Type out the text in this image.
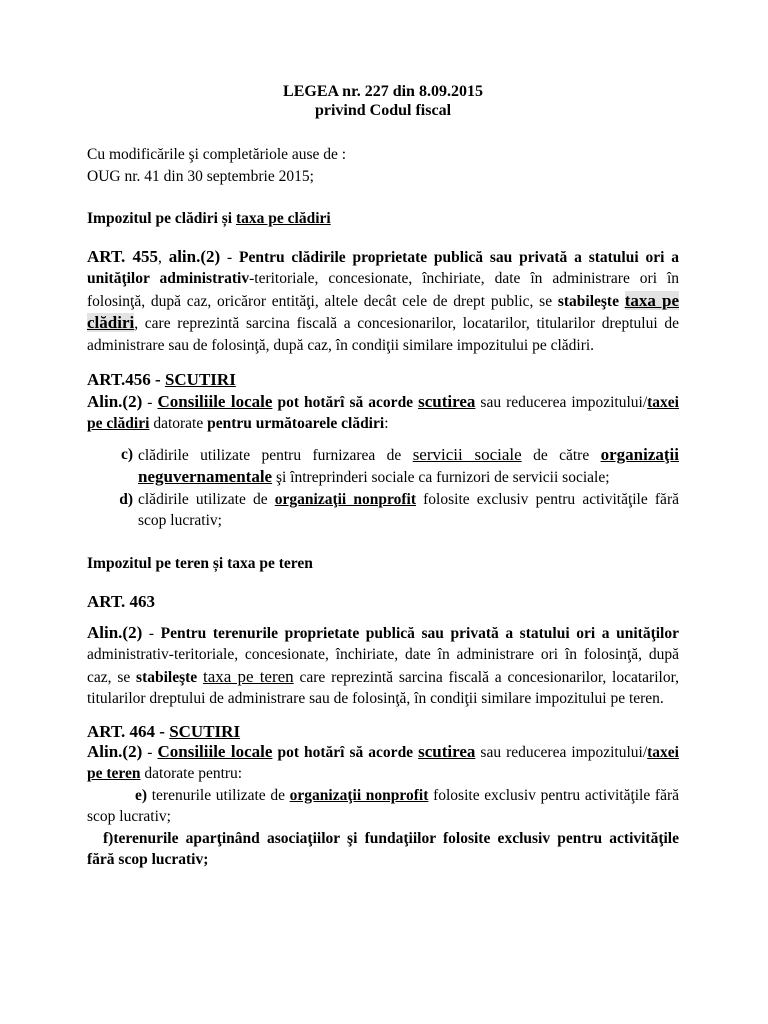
LEGEA nr. 227 din 8.09.2015
privind Codul fiscal
Cu modificările şi completăriole ause de :
OUG nr. 41 din 30 septembrie 2015;
Impozitul pe clădiri și taxa pe clădiri
ART. 455, alin.(2) - Pentru clădirile proprietate publică sau privată a statului ori a unităţilor administrativ-teritoriale, concesionate, închiriate, date în administrare ori în folosinţă, după caz, oricăror entităţi, altele decât cele de drept public, se stabileşte taxa pe clădiri, care reprezintă sarcina fiscală a concesionarilor, locatarilor, titularilor dreptului de administrare sau de folosinţă, după caz, în condiţii similare impozitului pe clădiri.
ART.456 - SCUTIRI
Alin.(2) - Consiliile locale pot hotărî să acorde scutirea sau reducerea impozitului/taxei pe clădiri datorate pentru următoarele clădiri:
c) clădirile utilizate pentru furnizarea de servicii sociale de către organizaţii neguvernamentale şi întreprinderi sociale ca furnizori de servicii sociale;
d) clădirile utilizate de organizaţii nonprofit folosite exclusiv pentru activităţile fără scop lucrativ;
Impozitul pe teren și taxa pe teren
ART. 463
Alin.(2) - Pentru terenurile proprietate publică sau privată a statului ori a unităţilor administrativ-teritoriale, concesionate, închiriate, date în administrare ori în folosinţă, după caz, se stabileşte taxa pe teren care reprezintă sarcina fiscală a concesionarilor, locatarilor, titularilor dreptului de administrare sau de folosinţă, în condiţii similare impozitului pe teren.
ART. 464 - SCUTIRI
Alin.(2) - Consiliile locale pot hotărî să acorde scutirea sau reducerea impozitului/taxei pe teren datorate pentru:
e) terenurile utilizate de organizaţii nonprofit folosite exclusiv pentru activităţile fără scop lucrativ;
f)terenurile aparţinând asociaţiilor şi fundaţiilor folosite exclusiv pentru activităţile fără scop lucrativ;
